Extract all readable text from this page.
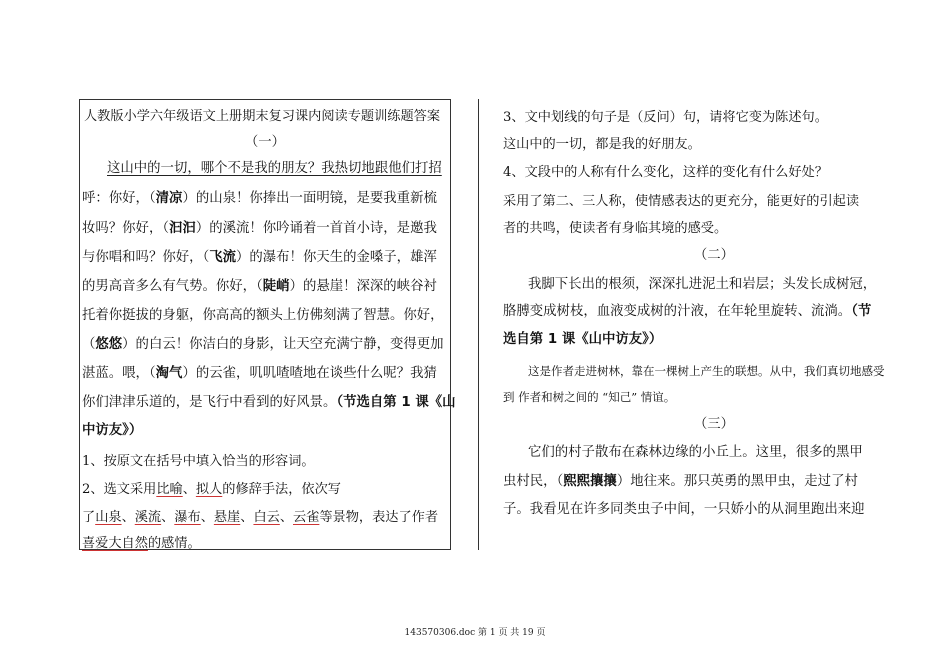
人教版小学六年级语文上册期末复习课内阅读专题训练题答案
（一）
这山中的一切，哪个不是我的朋友？我热切地跟他们打招
呼：你好，（清凉）的山泉！你捧出一面明镜，是要我重新梳
妆吗？你好，（汩汩）的溪流！你吟诵着一首首小诗，是邀我
与你唱和吗？你好，（飞流）的瀑布！你天生的金嗓子，雄浑
的男高音多么有气势。你好，（陡峭）的悬崖！深深的峡谷衬
托着你挺拔的身躯，你高高的额头上仿佛刻满了智慧。你好，
（悠悠）的白云！你洁白的身影，让天空充满宁静，变得更加
湛蓝。喂，（淘气）的云雀，叽叽喳喳地在谈些什么呢？我猜
你们津津乐道的，是飞行中看到的好风景。（节选自第 1 课《山
中访友》）
1、按原文在括号中填入恰当的形容词。
2、选文采用比喻、拟人的修辞手法，依次写
了山泉、溪流、瀑布、悬崖、白云、云雀等景物，表达了作者
喜爱大自然的感情。
3、文中划线的句子是（反问）句，请将它变为陈述句。
这山中的一切，都是我的好朋友。
4、文段中的人称有什么变化，这样的变化有什么好处？
采用了第二、三人称，使情感表达的更充分，能更好的引起读
者的共鸣，使读者有身临其境的感受。
（二）
我脚下长出的根须，深深扎进泥土和岩层；头发长成树冠，
胳膊变成树枝，血液变成树的汁液，在年轮里旋转、流淌。（节
选自第 1 课《山中访友》）
这是作者走进树林，靠在一棵树上产生的联想。从中，我们真切地感受
到 作者和树之间的 “知己” 情谊。
（三）
它们的村子散布在森林边缘的小丘上。这里，很多的黑甲
虫村民，（熙熙攘攘）地往来。那只英勇的黑甲虫，走过了村
子。我看见在许多同类虫子中间，一只娇小的从洞里跑出来迎
143570306.doc 第 1 页 共 19 页
